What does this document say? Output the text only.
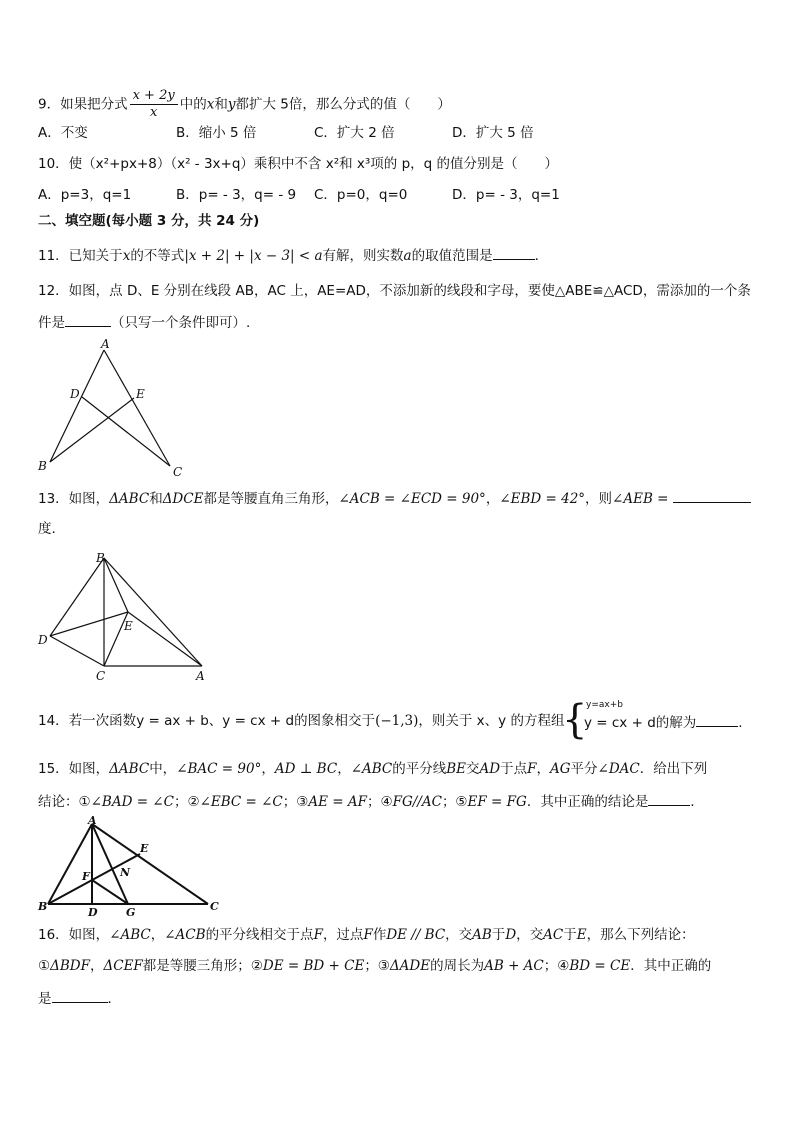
9．如果把分式 $\frac{x + 2y}{x}$ 中的x和y都扩大 5倍，那么分式的值（　　）
A．不变	B．缩小 5 倍	C．扩大 2 倍	D．扩大 5 倍
10．使（x²+px+8）（x² - 3x+q）乘积中不含 x²和 x³项的 p，q 的值分别是（　　）
A．p=3，q=1	B．p= - 3，q= - 9 C．p=0，q=0	D．p= - 3，q=1
二、填空题(每小题 3 分，共 24 分)
11．已知关于x的不等式|x + 2| + |x − 3| < a有解，则实数a的取值范围是	．
12．如图，点 D、E 分别在线段 AB，AC 上，AE=AD，不添加新的线段和字母，要使△ABE≌△ACD，需添加的一个条
件是	（只写一个条件即可）.
A
B	C
D	E
13．如图，ΔABC和ΔDCE都是等腰直角三角形，∠ACB = ∠ECD = 90°，∠EBD = 42°，则∠AEB =
度.
B
D
C	A
E
14．若一次函数y = ax + b、y = cx + d的图象相交于(−1,3)，则关于 x、y 的方程组
{
y=ax+b
y = cx + d的解为	.
15．如图，ΔABC中，∠BAC = 90°，AD ⊥ BC，∠ABC的平分线BE交AD于点F，AG平分∠DAC．给出下列
结论：①∠BAD = ∠C；②∠EBC = ∠C；③AE = AF；④FG//AC；⑤EF = FG．其中正确的结论是	．
A
B	C
D
E
F
G
N
16．如图，∠ABC，∠ACB的平分线相交于点F，过点F作DE // BC，交AB于D，交AC于E，那么下列结论：
①ΔBDF，ΔCEF都是等腰三角形；②DE = BD + CE；③ΔADE的周长为AB + AC；④BD = CE．其中正确的
是	．
